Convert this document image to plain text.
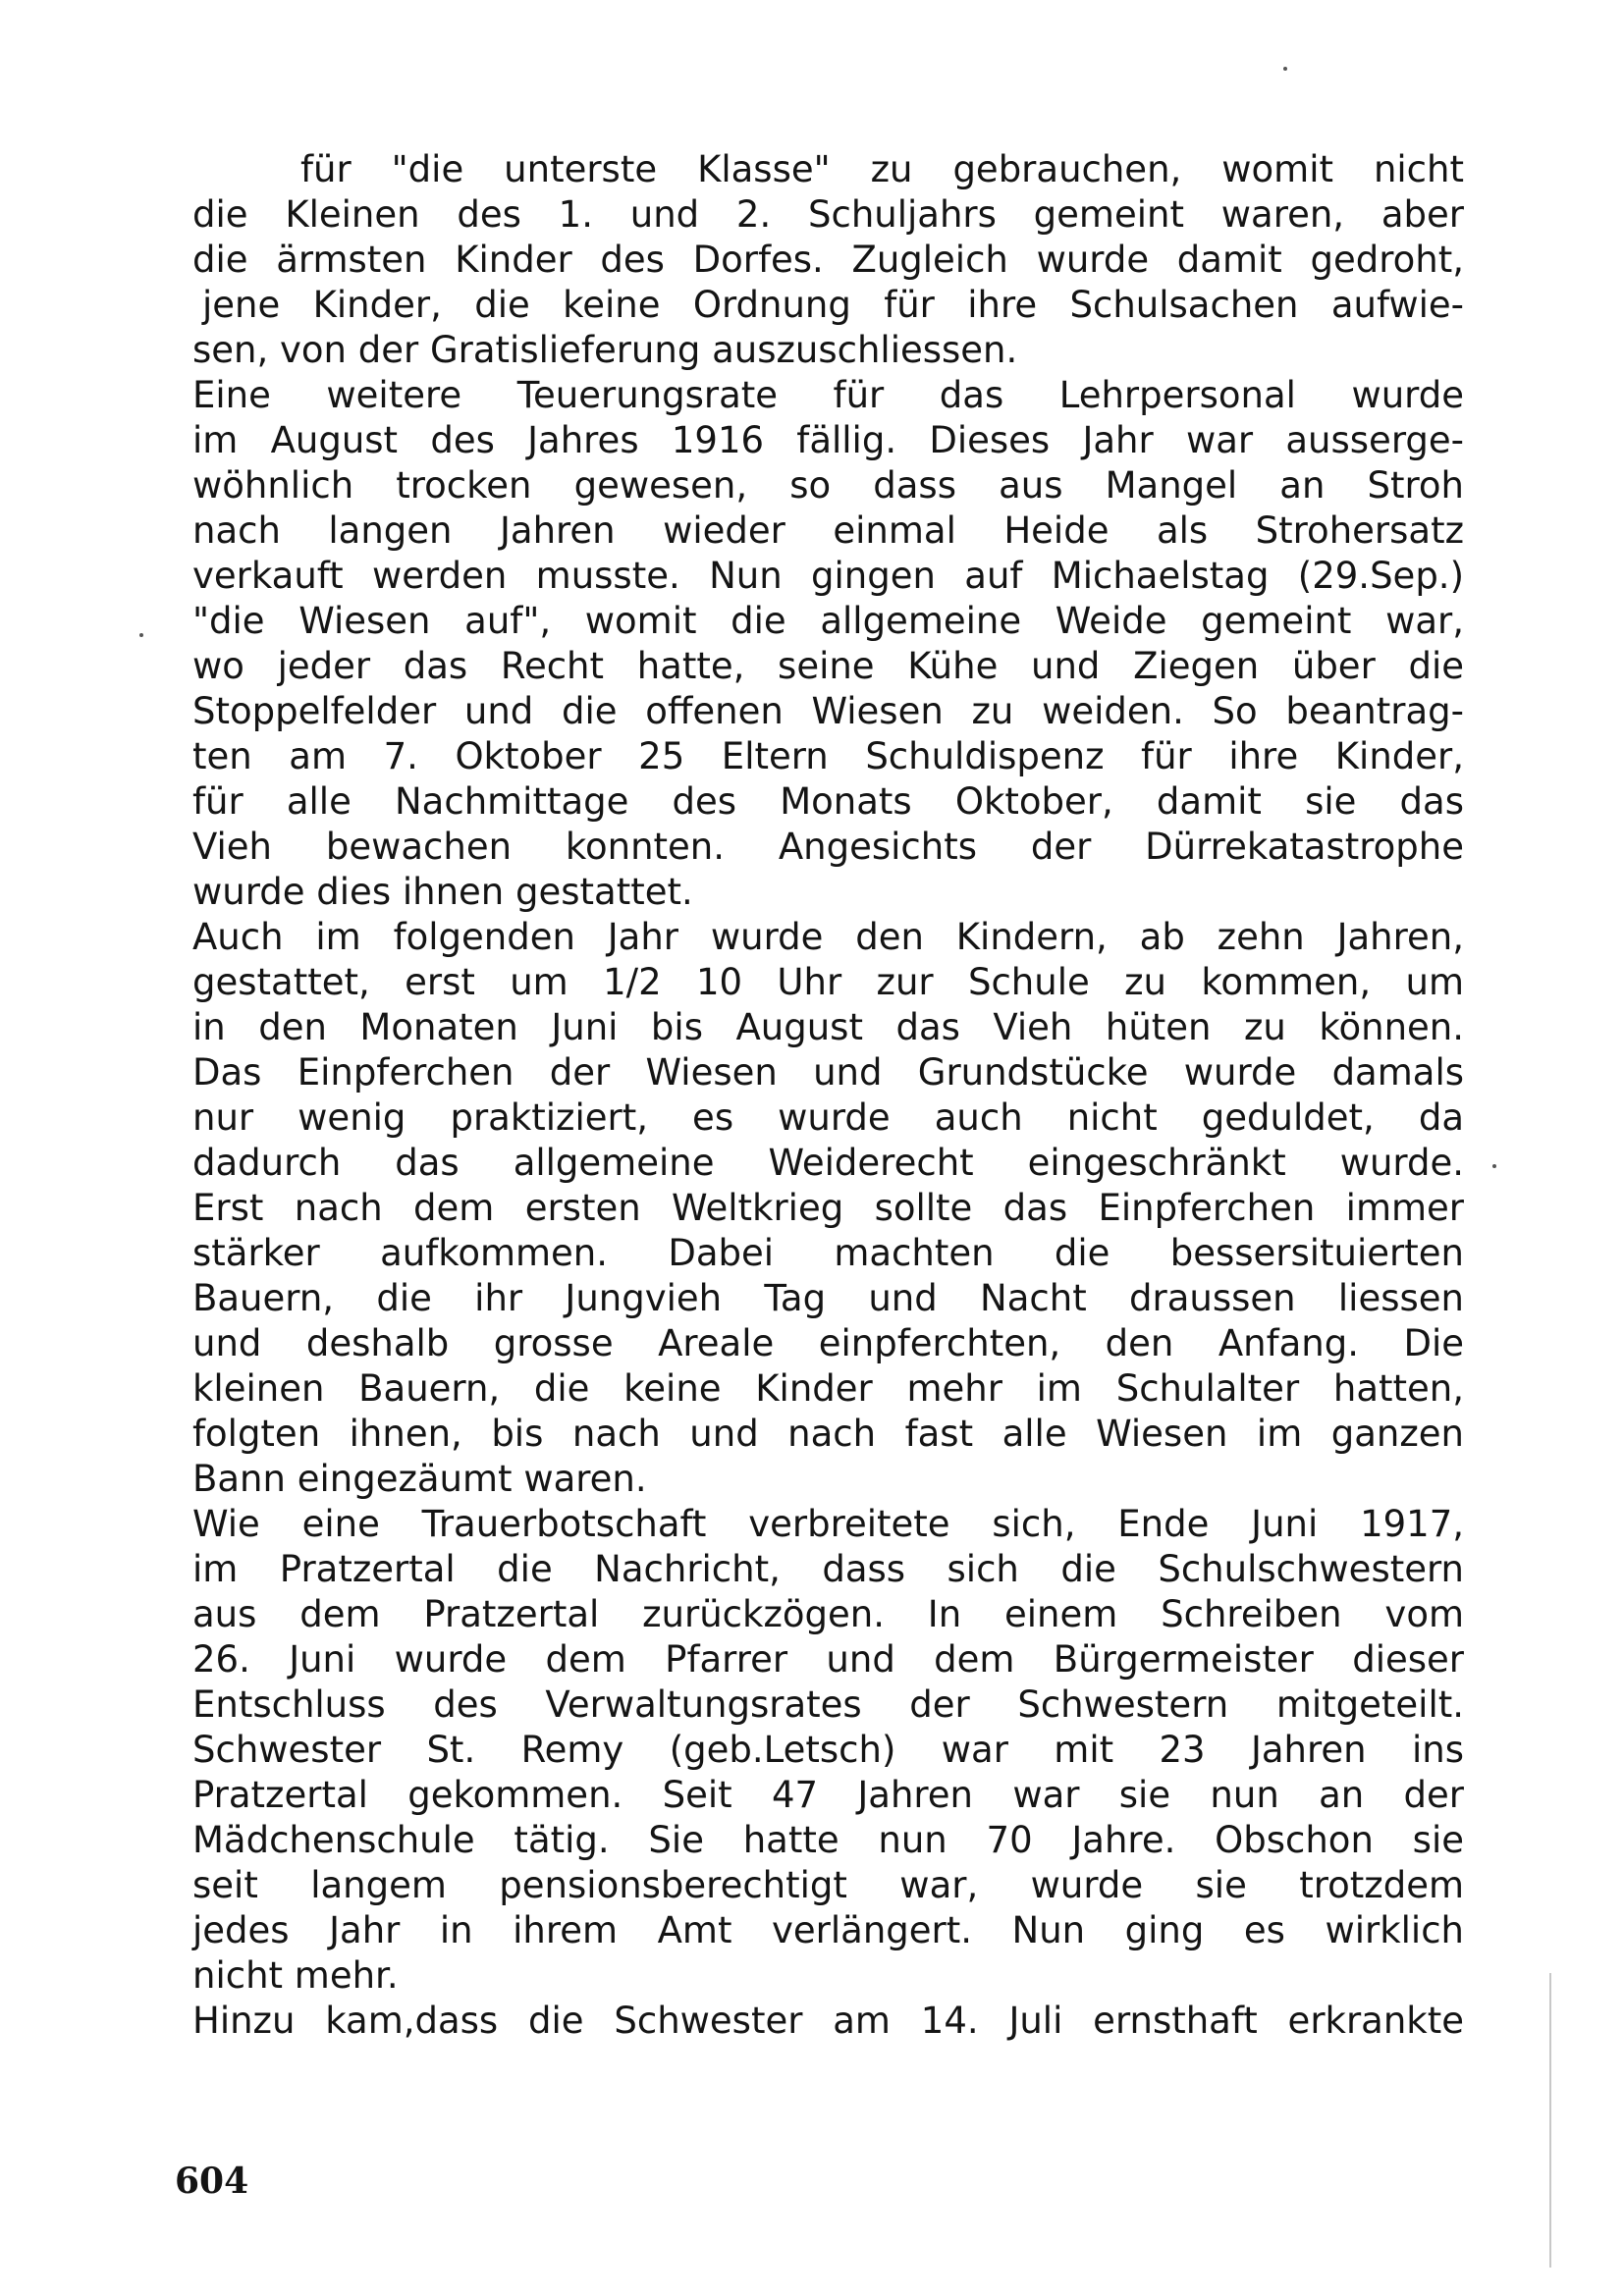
für "die unterste Klasse" zu gebrauchen, womit nicht
die Kleinen des 1. und 2. Schuljahrs gemeint waren, aber
die ärmsten Kinder des Dorfes. Zugleich wurde damit gedroht,
jene Kinder, die keine Ordnung für ihre Schulsachen aufwie-
sen, von der Gratislieferung auszuschliessen.
Eine weitere Teuerungsrate für das Lehrpersonal wurde
im August des Jahres 1916 fällig. Dieses Jahr war ausserge-
wöhnlich trocken gewesen, so dass aus Mangel an Stroh
nach langen Jahren wieder einmal Heide als Strohersatz
verkauft werden musste. Nun gingen auf Michaelstag (29.Sep.)
"die Wiesen auf", womit die allgemeine Weide gemeint war,
wo jeder das Recht hatte, seine Kühe und Ziegen über die
Stoppelfelder und die offenen Wiesen zu weiden. So beantrag-
ten am 7. Oktober 25 Eltern Schuldispenz für ihre Kinder,
für alle Nachmittage des Monats Oktober, damit sie das
Vieh bewachen konnten. Angesichts der Dürrekatastrophe
wurde dies ihnen gestattet.
Auch im folgenden Jahr wurde den Kindern, ab zehn Jahren,
gestattet, erst um 1/2 10 Uhr zur Schule zu kommen, um
in den Monaten Juni bis August das Vieh hüten zu können.
Das Einpferchen der Wiesen und Grundstücke wurde damals
nur wenig praktiziert, es wurde auch nicht geduldet, da
dadurch das allgemeine Weiderecht eingeschränkt wurde.
Erst nach dem ersten Weltkrieg sollte das Einpferchen immer
stärker aufkommen. Dabei machten die bessersituierten
Bauern, die ihr Jungvieh Tag und Nacht draussen liessen
und deshalb grosse Areale einpferchten, den Anfang. Die
kleinen Bauern, die keine Kinder mehr im Schulalter hatten,
folgten ihnen, bis nach und nach fast alle Wiesen im ganzen
Bann eingezäumt waren.
Wie eine Trauerbotschaft verbreitete sich, Ende Juni 1917,
im Pratzertal die Nachricht, dass sich die Schulschwestern
aus dem Pratzertal zurückzögen. In einem Schreiben vom
26. Juni wurde dem Pfarrer und dem Bürgermeister dieser
Entschluss des Verwaltungsrates der Schwestern mitgeteilt.
Schwester St. Remy (geb.Letsch) war mit 23 Jahren ins
Pratzertal gekommen. Seit 47 Jahren war sie nun an der
Mädchenschule tätig. Sie hatte nun 70 Jahre. Obschon sie
seit langem pensionsberechtigt war, wurde sie trotzdem
jedes Jahr in ihrem Amt verlängert. Nun ging es wirklich
nicht mehr.
Hinzu kam,dass die Schwester am 14. Juli ernsthaft erkrankte
604
